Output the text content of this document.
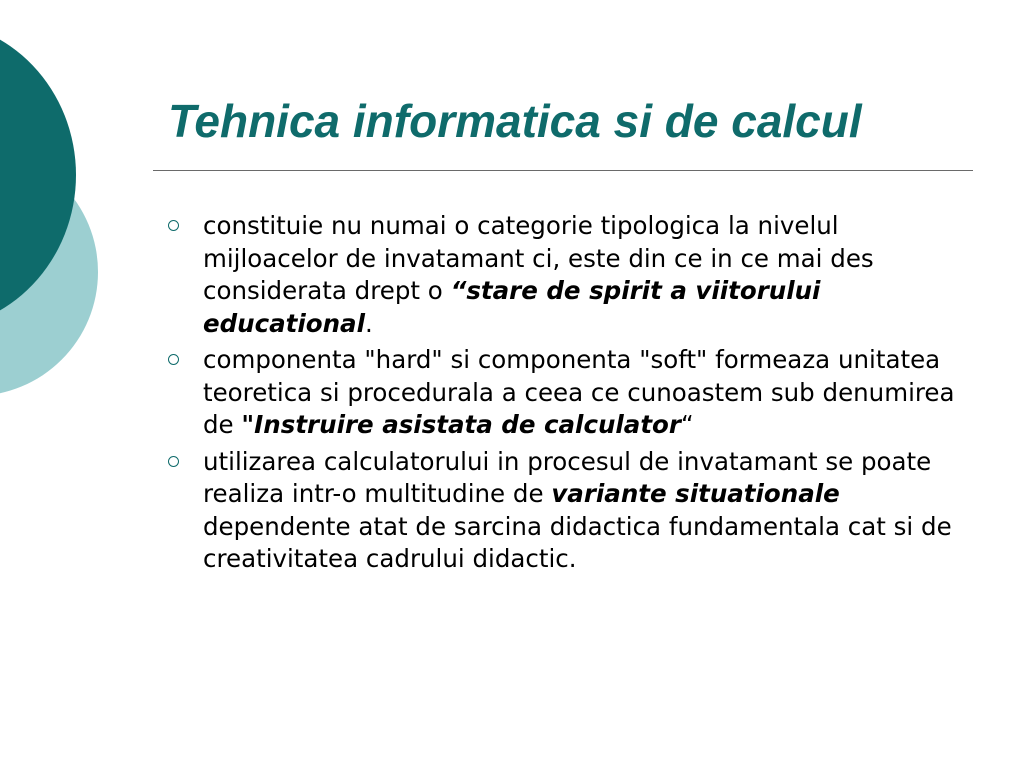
Tehnica informatica si de calcul
constituie nu numai o categorie tipologica la nivelul mijloacelor de invatamant ci, este din ce in ce mai des considerata drept o “stare de spirit a viitorului educational.
componenta "hard" si componenta "soft" formeaza unitatea teoretica si procedurala a ceea ce cunoastem sub denumirea de "Instruire asistata de calculator“
utilizarea calculatorului in procesul de invatamant se poate realiza intr-o multitudine de variante situationale dependente atat de sarcina didactica fundamentala cat si de creativitatea cadrului didactic.
